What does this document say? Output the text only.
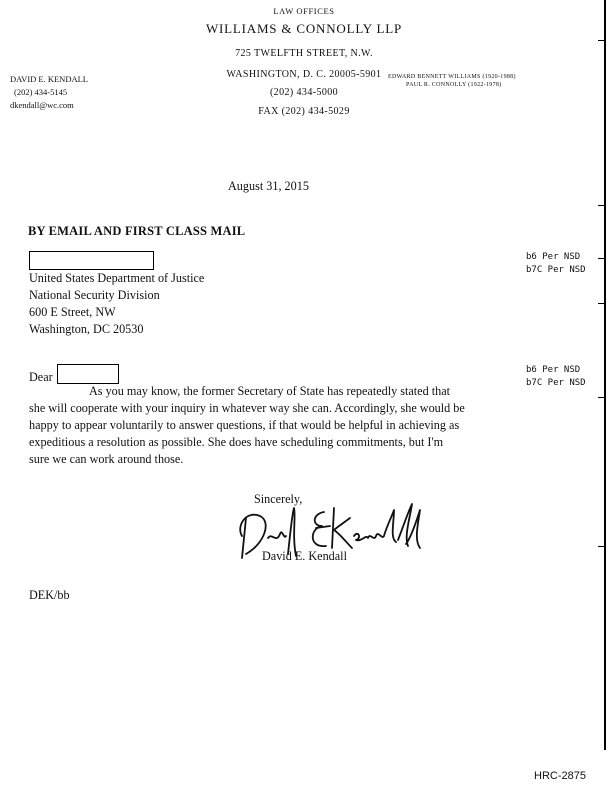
LAW OFFICES
WILLIAMS & CONNOLLY LLP
725 TWELFTH STREET, N.W.
WASHINGTON, D. C. 20005-5901
(202) 434-5000
FAX (202) 434-5029
DAVID E. KENDALL
(202) 434-5145
dkendall@wc.com
EDWARD BENNETT WILLIAMS (1920-1988)
PAUL R. CONNOLLY (1922-1978)
August 31, 2015
BY EMAIL AND FIRST CLASS MAIL
United States Department of Justice
National Security Division
600 E Street, NW
Washington, DC 20530
Dear
As you may know, the former Secretary of State has repeatedly stated that
she will cooperate with your inquiry in whatever way she can. Accordingly, she would be
happy to appear voluntarily to answer questions, if that would be helpful in achieving as
expeditious a resolution as possible. She does have scheduling commitments, but I'm
sure we can work around those.
Sincerely,
David E. Kendall
DEK/bb
b6 Per NSD
b7C Per NSD
b6 Per NSD
b7C Per NSD
HRC-2875
